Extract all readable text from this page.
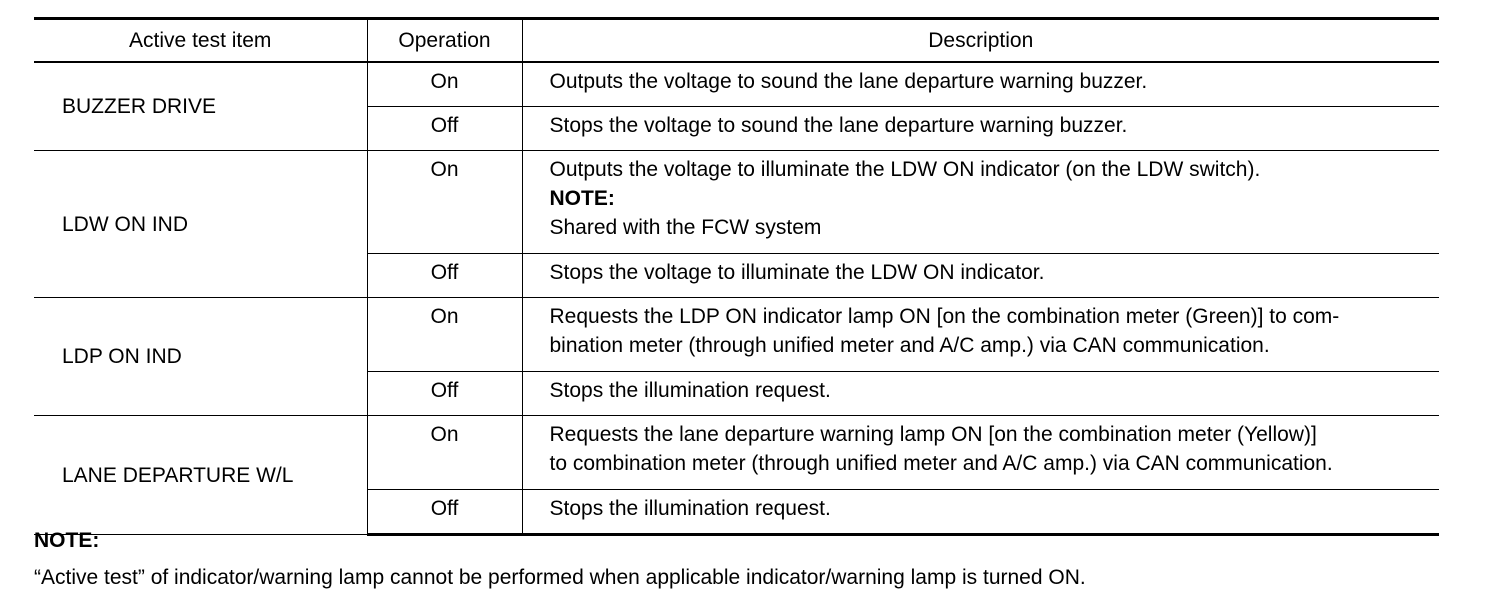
Active test item	Operation	Description
BUZZER DRIVE	On	Outputs the voltage to sound the lane departure warning buzzer.
	Off	Stops the voltage to sound the lane departure warning buzzer.
LDW ON IND	On	Outputs the voltage to illuminate the LDW ON indicator (on the LDW switch).
NOTE:
Shared with the FCW system
	Off	Stops the voltage to illuminate the LDW ON indicator.
LDP ON IND	On	Requests the LDP ON indicator lamp ON [on the combination meter (Green)] to com-
bination meter (through unified meter and A/C amp.) via CAN communication.

	Off	Stops the illumination request.
LANE DEPARTURE W/L	On	Requests the lane departure warning lamp ON [on the combination meter (Yellow)]
to combination meter (through unified meter and A/C amp.) via CAN communication.

	Off	Stops the illumination request.
NOTE:
“Active test” of indicator/warning lamp cannot be performed when applicable indicator/warning lamp is turned ON.
